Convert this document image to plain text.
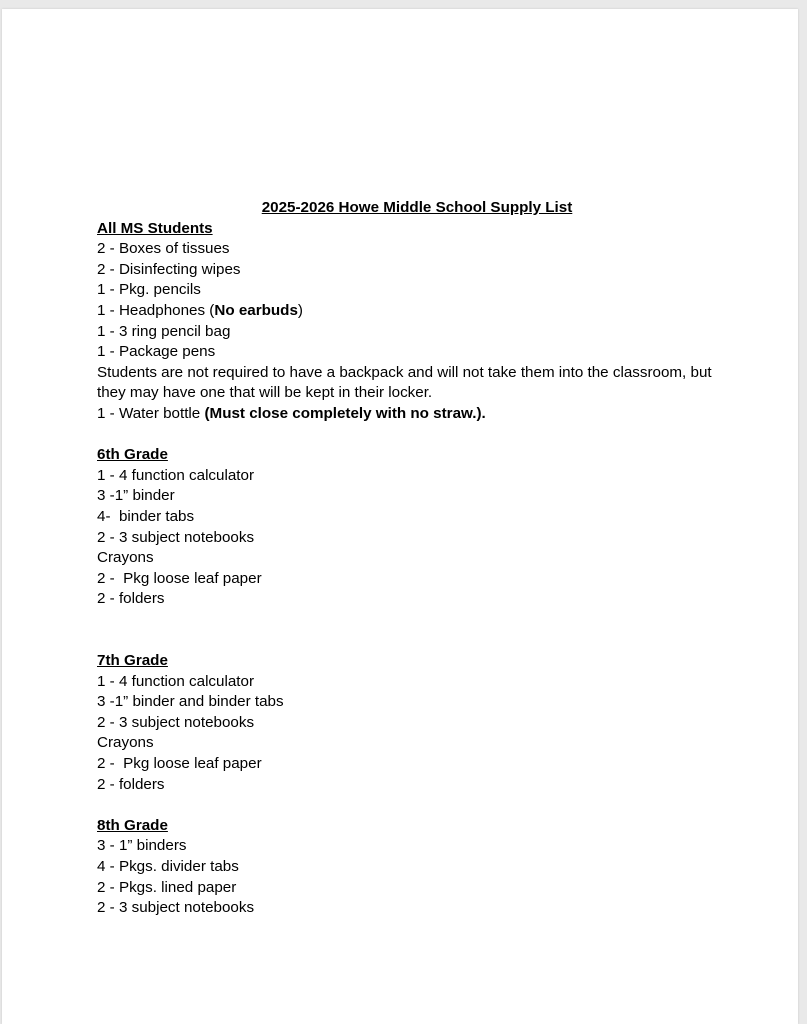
2025-2026 Howe Middle School Supply List

All MS Students

2 - Boxes of tissues

2 - Disinfecting wipes

1 - Pkg. pencils

1 - Headphones (No earbuds)

1 - 3 ring pencil bag

1 - Package pens

Students are not required to have a backpack and will not take them into the classroom, but they may have one that will be kept in their locker.

1 - Water bottle (Must close completely with no straw.).

6th Grade

1 - 4 function calculator

3 -1” binder

4-  binder tabs

2 - 3 subject notebooks

Crayons

2 -  Pkg loose leaf paper

2 - folders

7th Grade

1 - 4 function calculator

3 -1” binder and binder tabs

2 - 3 subject notebooks

Crayons

2 -  Pkg loose leaf paper

2 - folders

8th Grade

3 - 1” binders

4 - Pkgs. divider tabs

2 - Pkgs. lined paper

2 - 3 subject notebooks
